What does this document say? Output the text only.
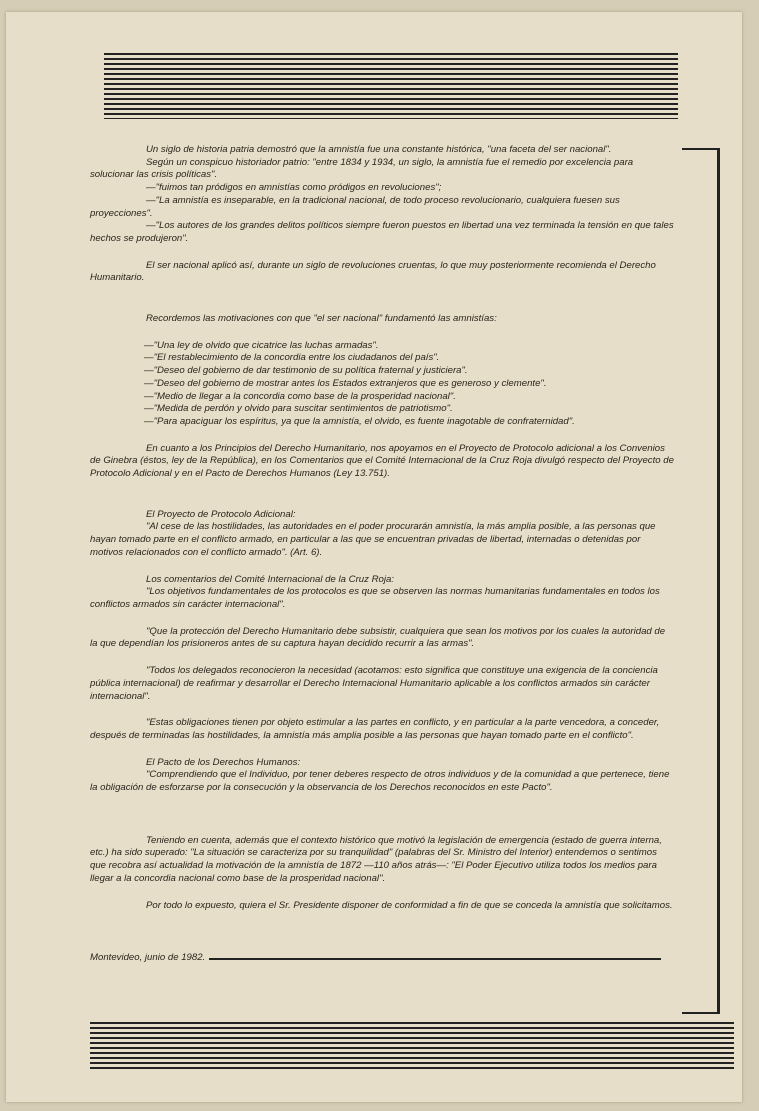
Un siglo de historia patria demostró que la amnistía fue una constante histórica, "una faceta del ser nacional".

Según un conspicuo historiador patrio: "entre 1834 y 1934, un siglo, la amnistía fue el remedio por excelencia para solucionar las crisis políticas".

—"fuimos tan pródigos en amnistías como pródigos en revoluciones";

—"La amnistía es inseparable, en la tradicional nacional, de todo proceso revolucionario, cualquiera fuesen sus proyecciones".

—"Los autores de los grandes delitos políticos siempre fueron puestos en libertad una vez terminada la tensión en que tales hechos se produjeron".

El ser nacional aplicó así, durante un siglo de revoluciones cruentas, lo que muy posteriormente recomienda el Derecho Humanitario.

Recordemos las motivaciones con que "el ser nacional" fundamentó las amnistías:

—"Una ley de olvido que cicatrice las luchas armadas".

—"El restablecimiento de la concordia entre los ciudadanos del país".

—"Deseo del gobierno de dar testimonio de su política fraternal y justiciera".

—"Deseo del gobierno de mostrar antes los Estados extranjeros que es generoso y clemente".

—"Medio de llegar a la concordia como base de la prosperidad nacional".

—"Medida de perdón y olvido para suscitar sentimientos de patriotismo".

—"Para apaciguar los espíritus, ya que la amnistía, el olvido, es fuente inagotable de confraternidad".

En cuanto a los Principios del Derecho Humanitario, nos apoyamos en el Proyecto de Protocolo adicional a los Convenios de Ginebra (éstos, ley de la República), en los Comentarios que el Comité Internacional de la Cruz Roja divulgó respecto del Proyecto de Protocolo Adicional y en el Pacto de Derechos Humanos (Ley 13.751).

El Proyecto de Protocolo Adicional:

"Al cese de las hostilidades, las autoridades en el poder procurarán amnistía, la más amplia posible, a las personas que hayan tomado parte en el conflicto armado, en particular a las que se encuentran privadas de libertad, internadas o detenidas por motivos relacionados con el conflicto armado". (Art. 6).

Los comentarios del Comité Internacional de la Cruz Roja:

"Los objetivos fundamentales de los protocolos es que se observen las normas humanitarias fundamentales en todos los conflictos armados sin carácter internacional".

"Que la protección del Derecho Humanitario debe subsistir, cualquiera que sean los motivos por los cuales la autoridad de la que dependían los prisioneros antes de su captura hayan decidido recurrir a las armas".

"Todos los delegados reconocieron la necesidad (acotamos: esto significa que constituye una exigencia de la conciencia pública internacional) de reafirmar y desarrollar el Derecho Internacional Humanitario aplicable a los conflictos armados sin carácter internacional".

"Estas obligaciones tienen por objeto estimular a las partes en conflicto, y en particular a la parte vencedora, a conceder, después de terminadas las hostilidades, la amnistía más amplia posible a las personas que hayan tomado parte en el conflicto".

El Pacto de los Derechos Humanos:

"Comprendiendo que el Individuo, por tener deberes respecto de otros individuos y de la comunidad a que pertenece, tiene la obligación de esforzarse por la consecución y la observancia de los Derechos reconocidos en este Pacto".

Teniendo en cuenta, además que el contexto histórico que motivó la legislación de emergencia (estado de guerra interna, etc.) ha sido superado: "La situación se caracteriza por su tranquilidad" (palabras del Sr. Ministro del Interior) entendemos o sentimos que recobra así actualidad la motivación de la amnistía de 1872 —110 años atrás—: "El Poder Ejecutivo utiliza todos los medios para llegar a la concordia nacional como base de la prosperidad nacional".

Por todo lo expuesto, quiera el Sr. Presidente disponer de conformidad a fin de que se conceda la amnistía que solicitamos.

Montevideo, junio de 1982.
